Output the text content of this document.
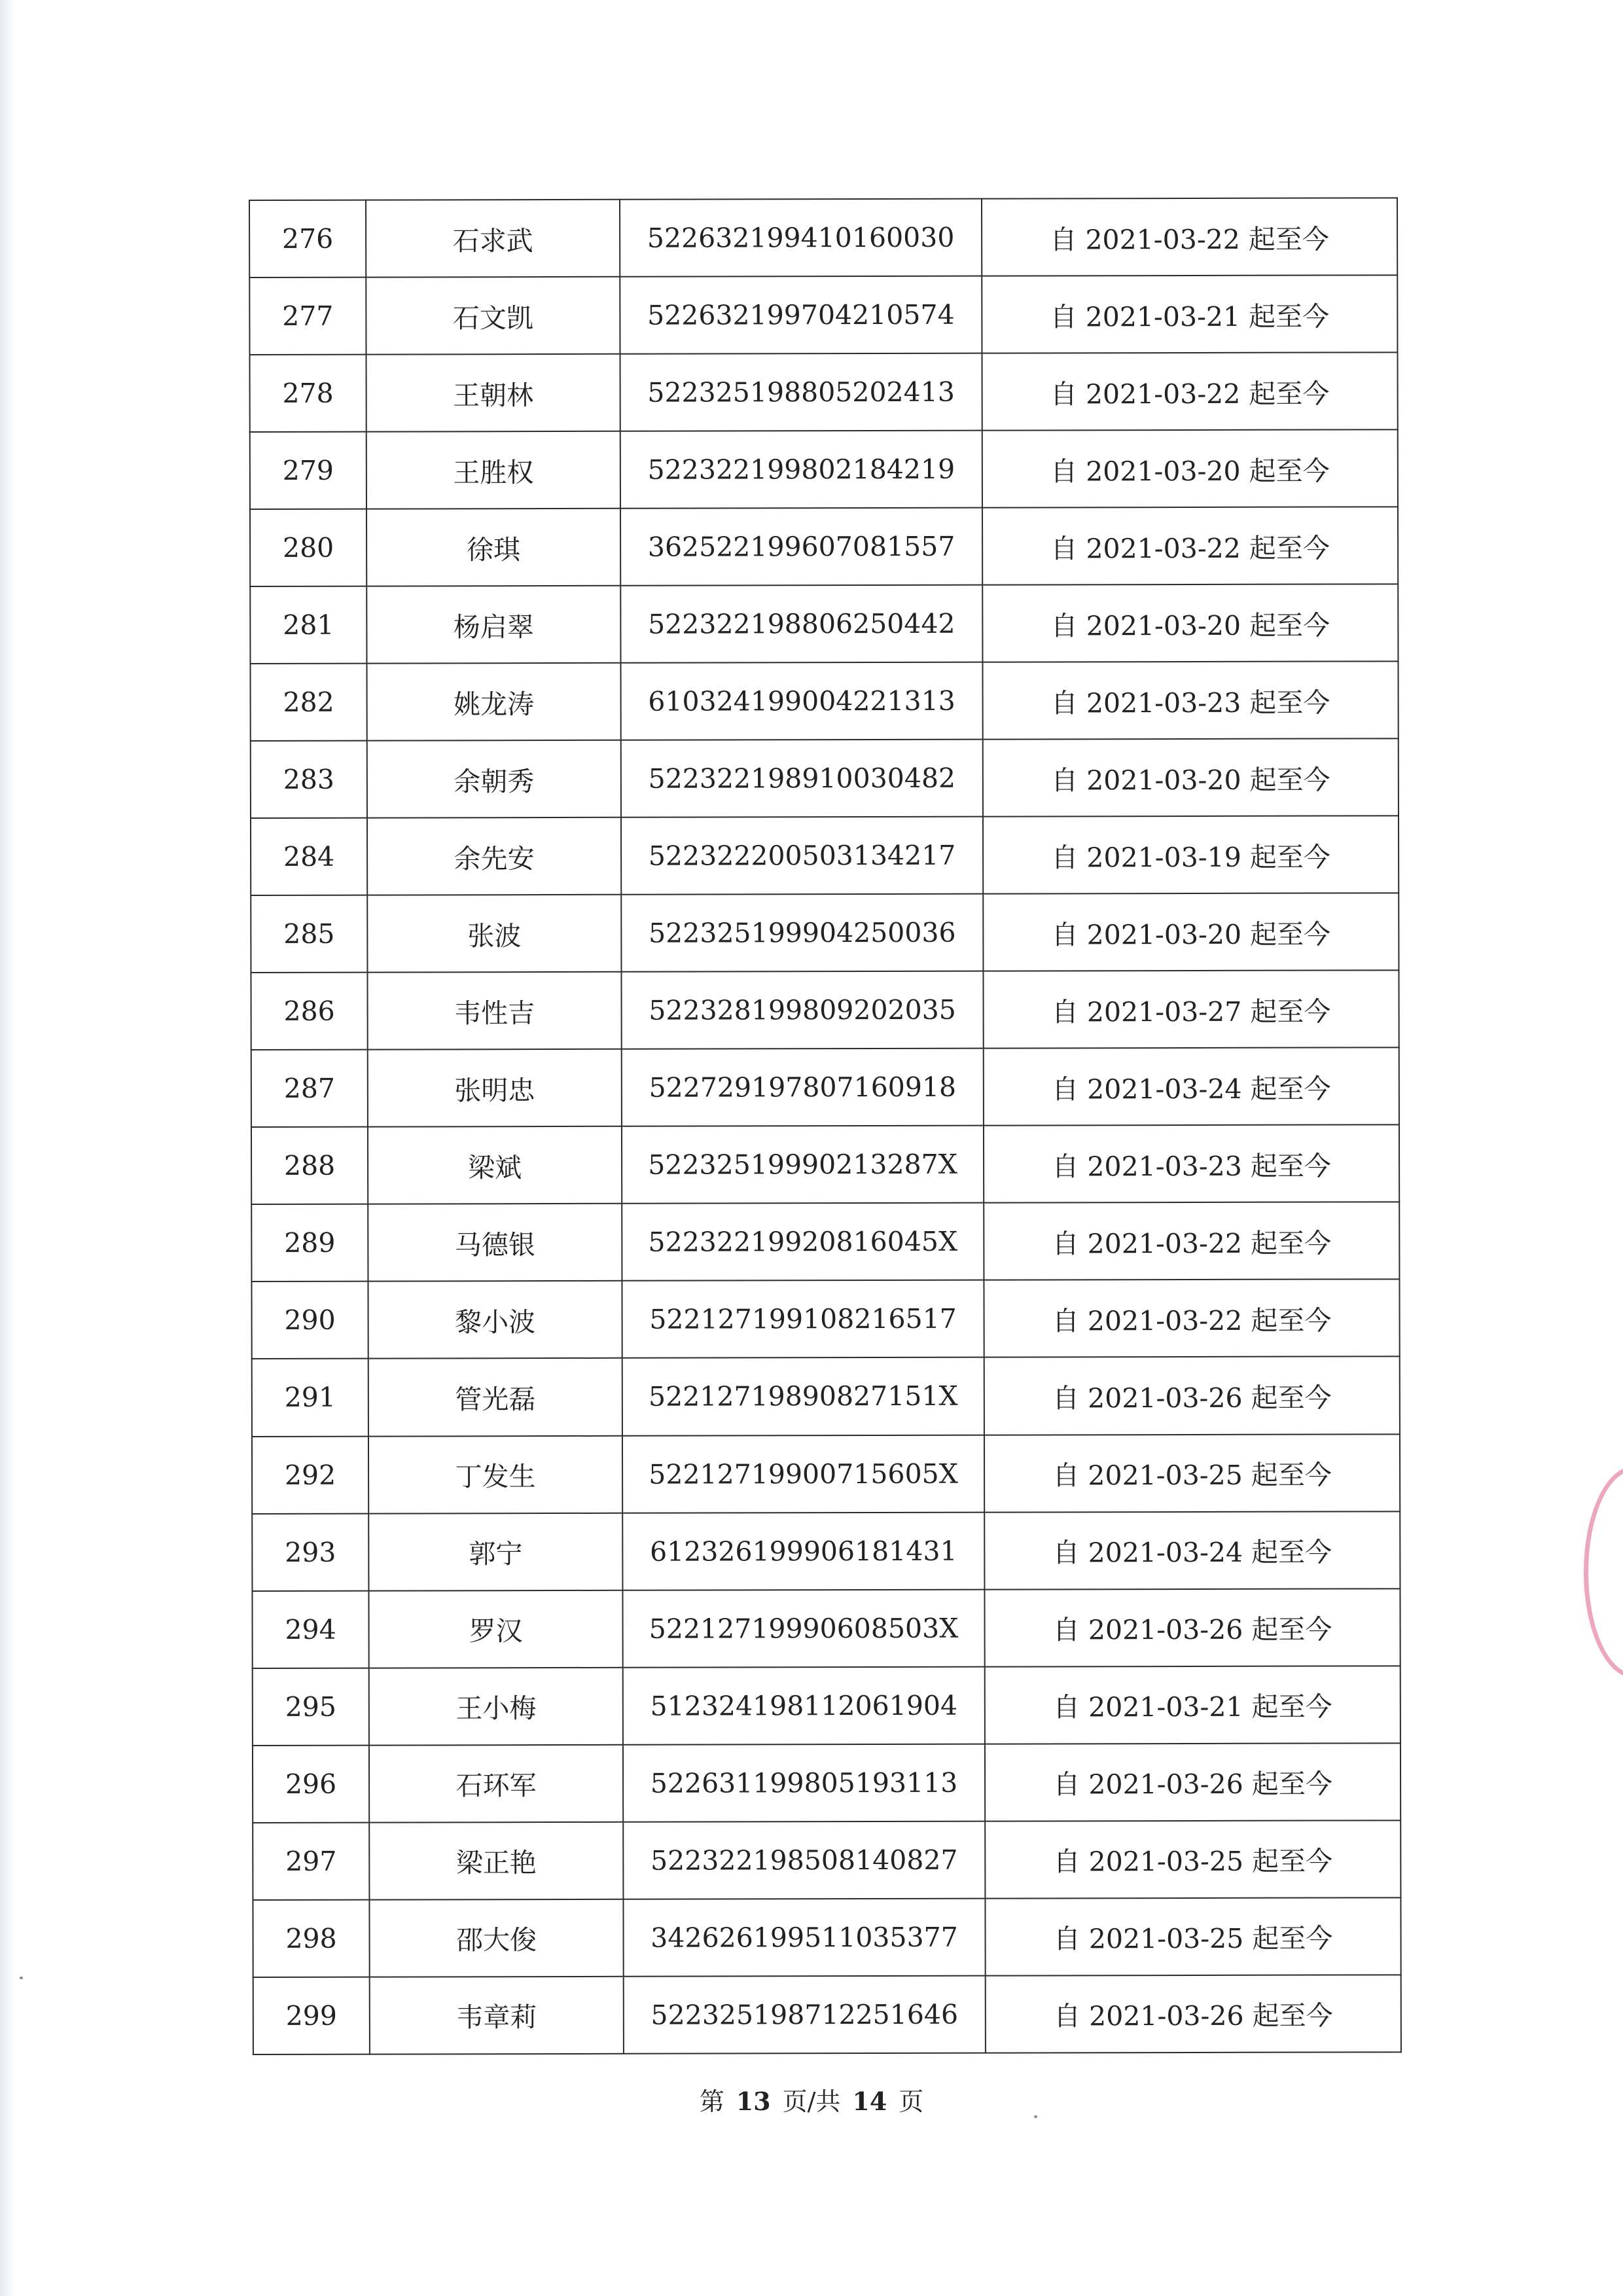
276	石求武	522632199410160030	自 2021-03-22 起至今
277	石文凯	522632199704210574	自 2021-03-21 起至今
278	王朝林	522325198805202413	自 2021-03-22 起至今
279	王胜权	522322199802184219	自 2021-03-20 起至今
280	徐琪	362522199607081557	自 2021-03-22 起至今
281	杨启翠	522322198806250442	自 2021-03-20 起至今
282	姚龙涛	610324199004221313	自 2021-03-23 起至今
283	余朝秀	522322198910030482	自 2021-03-20 起至今
284	余先安	522322200503134217	自 2021-03-19 起至今
285	张波	522325199904250036	自 2021-03-20 起至今
286	韦性吉	522328199809202035	自 2021-03-27 起至今
287	张明忠	522729197807160918	自 2021-03-24 起至今
288	梁斌	52232519990213287X	自 2021-03-23 起至今
289	马德银	52232219920816045X	自 2021-03-22 起至今
290	黎小波	522127199108216517	自 2021-03-22 起至今
291	管光磊	52212719890827151X	自 2021-03-26 起至今
292	丁发生	52212719900715605X	自 2021-03-25 起至今
293	郭宁	612326199906181431	自 2021-03-24 起至今
294	罗汉	52212719990608503X	自 2021-03-26 起至今
295	王小梅	512324198112061904	自 2021-03-21 起至今
296	石环军	522631199805193113	自 2021-03-26 起至今
297	梁正艳	522322198508140827	自 2021-03-25 起至今
298	邵大俊	342626199511035377	自 2021-03-25 起至今
299	韦章莉	522325198712251646	自 2021-03-26 起至今
第 13 页/共 14 页
